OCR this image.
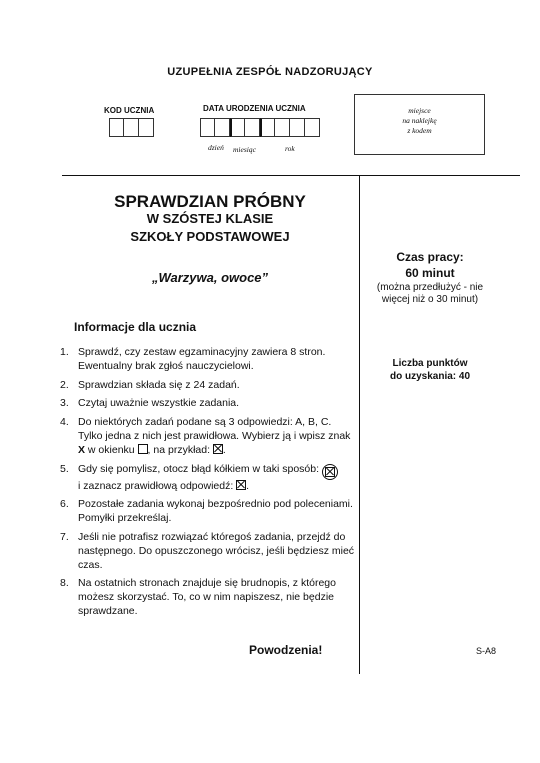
UZUPEŁNIA ZESPÓŁ NADZORUJĄCY
KOD UCZNIA	DATA URODZENIA UCZNIA
dzień miesiąc	rok
miejsce
na naklejkę
z kodem
SPRAWDZIAN PRÓBNY
W SZÓSTEJ KLASIE
SZKOŁY PODSTAWOWEJ
„Warzywa, owoce”
Czas pracy:
60 minut
(można przedłużyć - nie więcej niż o 30 minut)
Liczba punktów
do uzyskania: 40
Informacje dla ucznia
1. Sprawdź, czy zestaw egzaminacyjny zawiera 8 stron. Ewentualny brak zgłoś nauczycielowi.
2. Sprawdzian składa się z 24 zadań.
3. Czytaj uważnie wszystkie zadania.
4. Do niektórych zadań podane są 3 odpowiedzi: A, B, C. Tylko jedna z nich jest prawidłowa. Wybierz ją i wpisz znak X w okienku , na przykład: .
5. Gdy się pomylisz, otocz błąd kółkiem w taki sposób:
i zaznacz prawidłową odpowiedź: .
6. Pozostałe zadania wykonaj bezpośrednio pod poleceniami. Pomyłki przekreślaj.
7. Jeśli nie potrafisz rozwiązać któregoś zadania, przejdź do następnego. Do opuszczonego wrócisz, jeśli będziesz mieć czas.
8. Na ostatnich stronach znajduje się brudnopis, z którego możesz skorzystać. To, co w nim napiszesz, nie będzie sprawdzane.
Powodzenia!	S-A8
